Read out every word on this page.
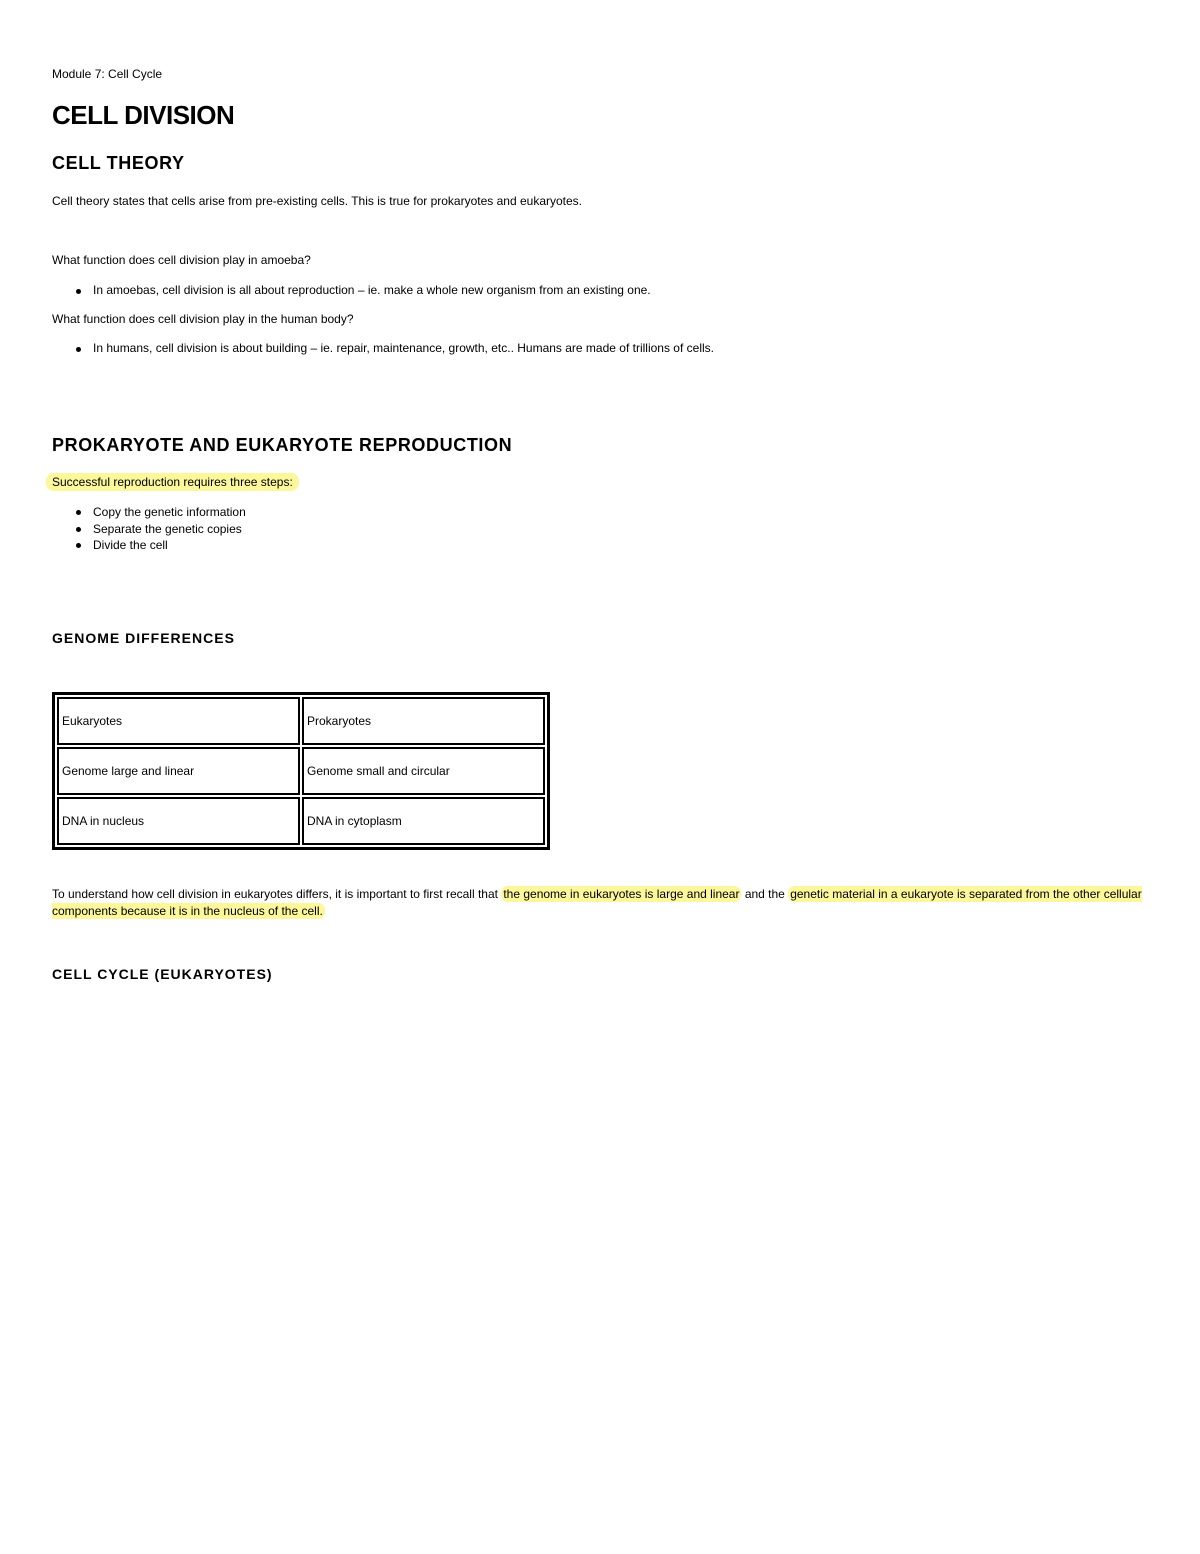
Module 7: Cell Cycle
CELL DIVISION
CELL THEORY
Cell theory states that cells arise from pre-existing cells. This is true for prokaryotes and eukaryotes.
What function does cell division play in amoeba?
In amoebas, cell division is all about reproduction – ie. make a whole new organism from an existing one.
What function does cell division play in the human body?
In humans, cell division is about building – ie. repair, maintenance, growth, etc.. Humans are made of trillions of cells.
PROKARYOTE AND EUKARYOTE REPRODUCTION
Successful reproduction requires three steps:
Copy the genetic information
Separate the genetic copies
Divide the cell
GENOME DIFFERENCES
Eukaryotes	Prokaryotes
Genome large and linear	Genome small and circular
DNA in nucleus	DNA in cytoplasm
To understand how cell division in eukaryotes differs, it is important to first recall that the genome in eukaryotes is large and linear and the genetic material in a eukaryote is separated from the other cellular components because it is in the nucleus of the cell.
CELL CYCLE (EUKARYOTES)
